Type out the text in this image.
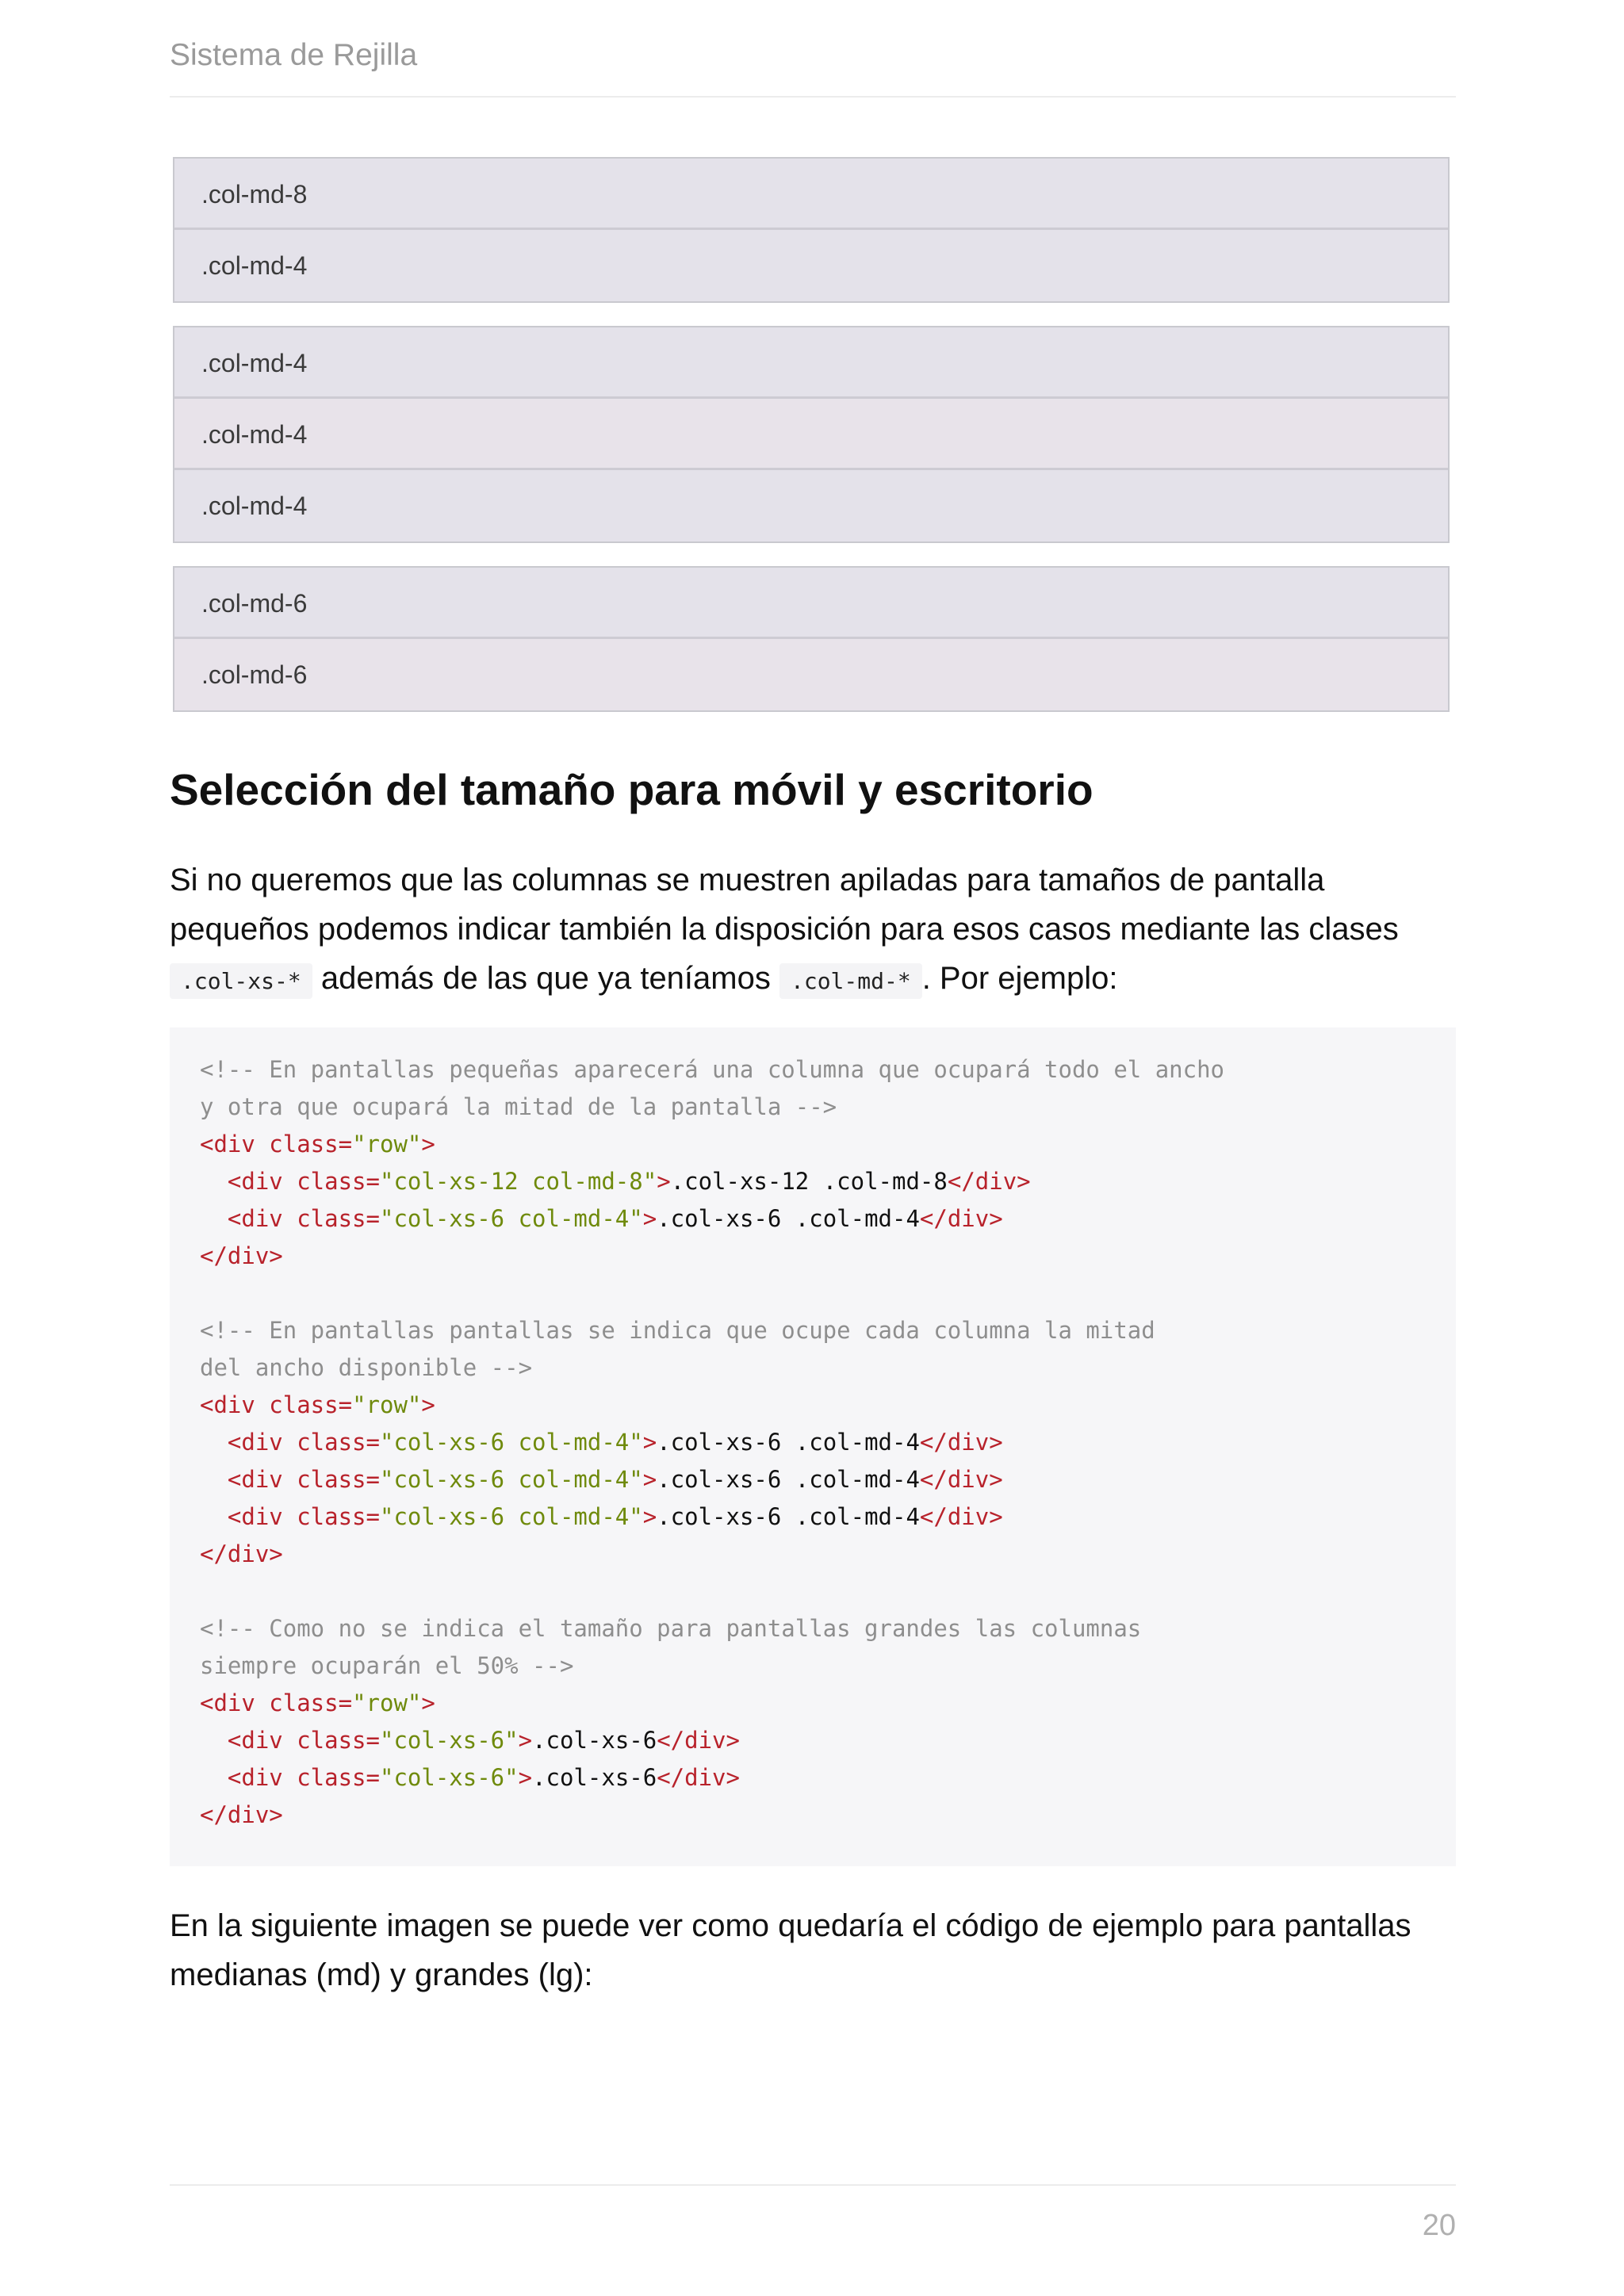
Sistema de Rejilla
.col-md-8
.col-md-4
.col-md-4
.col-md-4
.col-md-4
.col-md-6
.col-md-6
Selección del tamaño para móvil y escritorio

Si no queremos que las columnas se muestren apiladas para tamaños de pantalla
pequeños podemos indicar también la disposición para esos casos mediante las clases
.col-xs-* además de las que ya teníamos .col-md-* . Por ejemplo:

<!-- En pantallas pequeñas aparecerá una columna que ocupará todo el ancho
y otra que ocupará la mitad de la pantalla -->
<div class="row">
<div class="col-xs-12 col-md-8">.col-xs-12 .col-md-8</div>
<div class="col-xs-6 col-md-4">.col-xs-6 .col-md-4</div>
</div>
<!-- En pantallas pantallas se indica que ocupe cada columna la mitad
del ancho disponible -->
<div class="row">
<div class="col-xs-6 col-md-4">.col-xs-6 .col-md-4</div>
<div class="col-xs-6 col-md-4">.col-xs-6 .col-md-4</div>
<div class="col-xs-6 col-md-4">.col-xs-6 .col-md-4</div>
</div>
<!-- Como no se indica el tamaño para pantallas grandes las columnas
siempre ocuparán el 50% -->
<div class="row">
<div class="col-xs-6">.col-xs-6</div>
<div class="col-xs-6">.col-xs-6</div>
</div>

En la siguiente imagen se puede ver como quedaría el código de ejemplo para pantallas
medianas (md) y grandes (lg):

20
